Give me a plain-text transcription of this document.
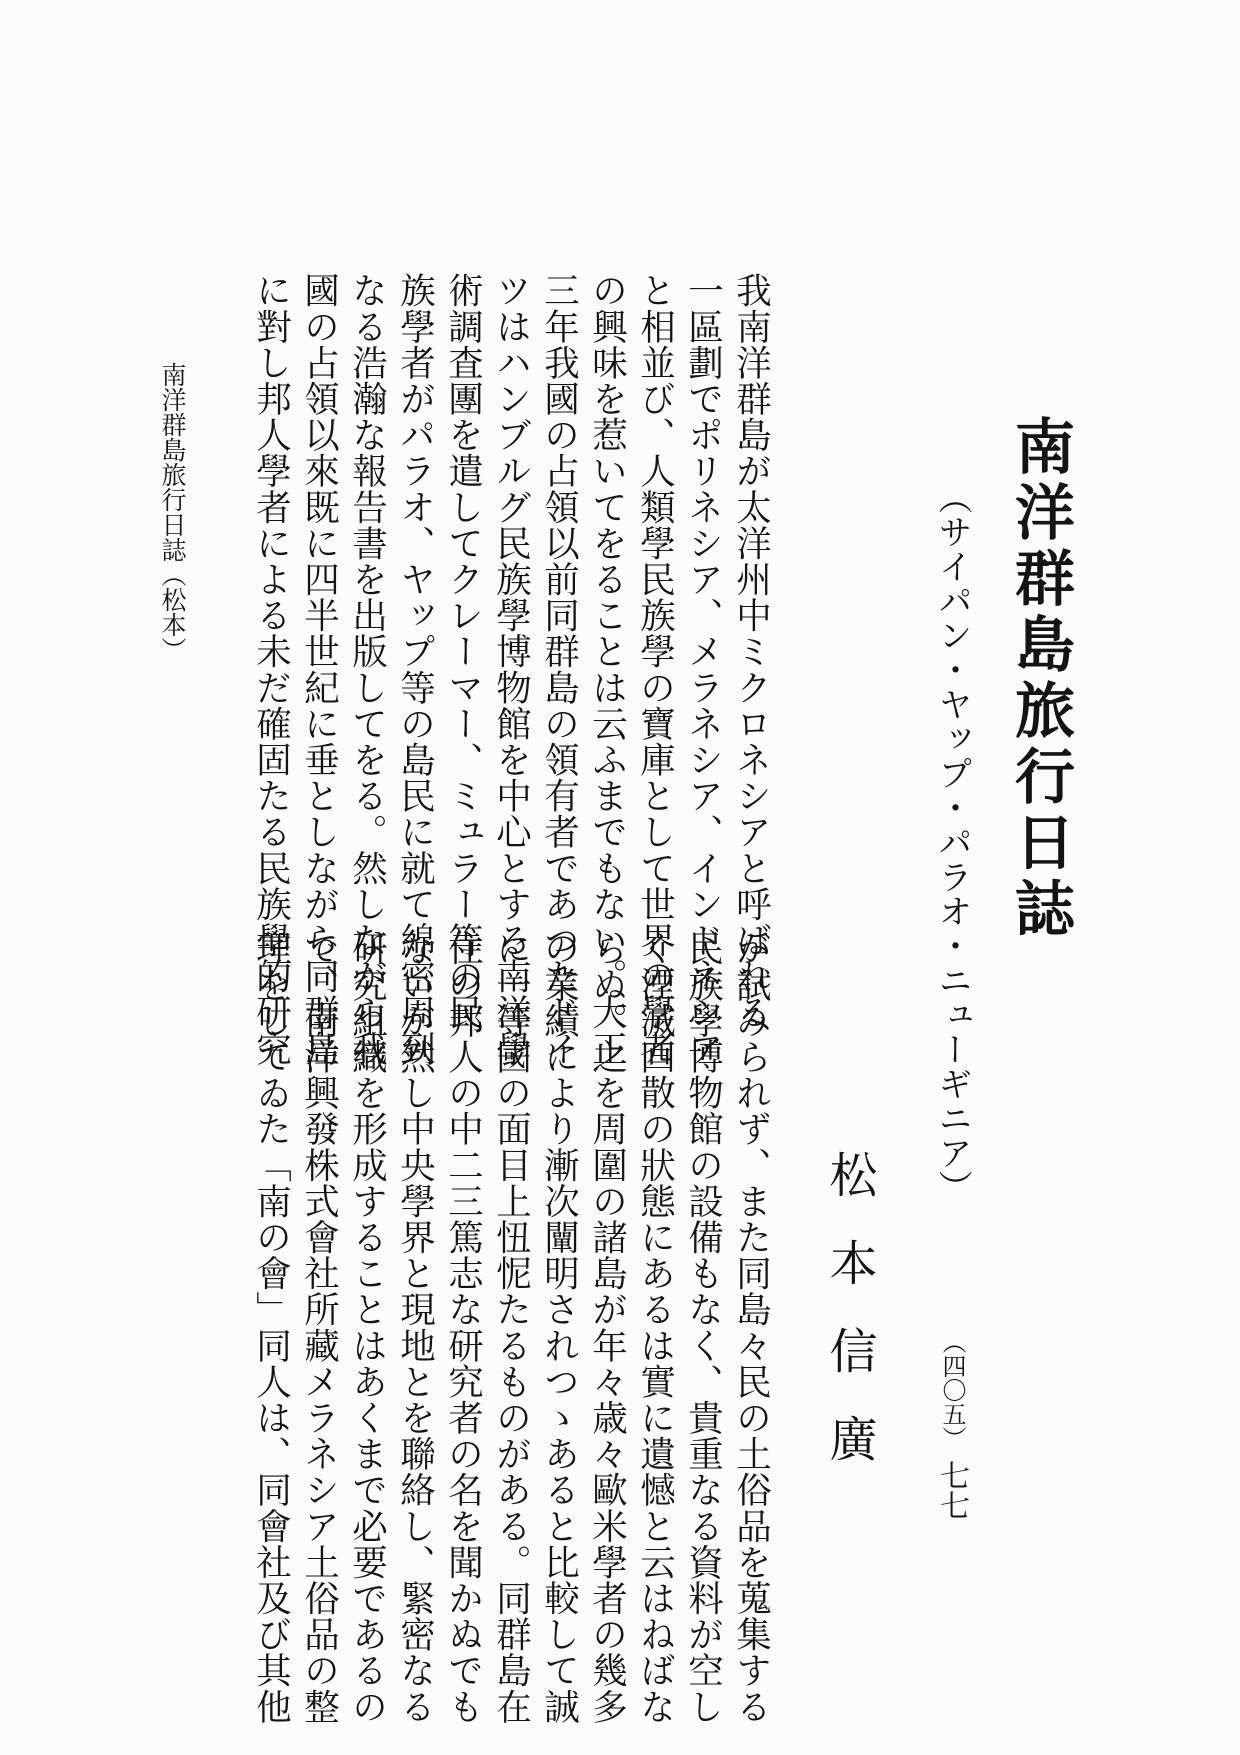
南洋群島旅行日誌
（サイパン・ヤップ・パラオ・ニューギニア）
松本信廣

我南洋群島が太洋州中ミクロネシアと呼ばれる

一區劃でポリネシア、メラネシア、インドネシア

と相並び、人類學民族學の寶庫として世界の學者

の興味を惹いてをることは云ふまでもない。大正

三年我國の占領以前同群島の領有者であつたドイ

ツはハンブルグ民族學博物館を中心とする南洋學

術調査團を遣してクレーマー、ミュラー等の民

族學者がパラオ、ヤップ等の島民に就て綿密周到

なる浩瀚な報告書を出版してをる。然しながら我

國の占領以來既に四半世紀に垂としながら同群島

に對し邦人學者による未だ確固たる民族學的研究

が試みられず、また同島々民の土俗品を蒐集する

民族學博物館の設備もなく、貴重なる資料が空し

く湮滅四散の狀態にあるは實に遺憾と云はねばな

らぬ。之を周圍の諸島が年々歳々歐米學者の幾多

の業績により漸次闡明されつゝあると比較して誠

に一等國の面目上忸怩たるものがある。同群島在

住の邦人の中二三篤志な研究者の名を聞かぬでも

ないが然し中央學界と現地とを聯絡し、緊密なる

研究組織を形成することはあくまで必要であるの

で、南洋興發株式會社所藏メラネシア土俗品の整

理をしてゐた「南の會」同人は、同會社及び其他

南洋群島旅行日誌（松本）
（四〇五）
七七
